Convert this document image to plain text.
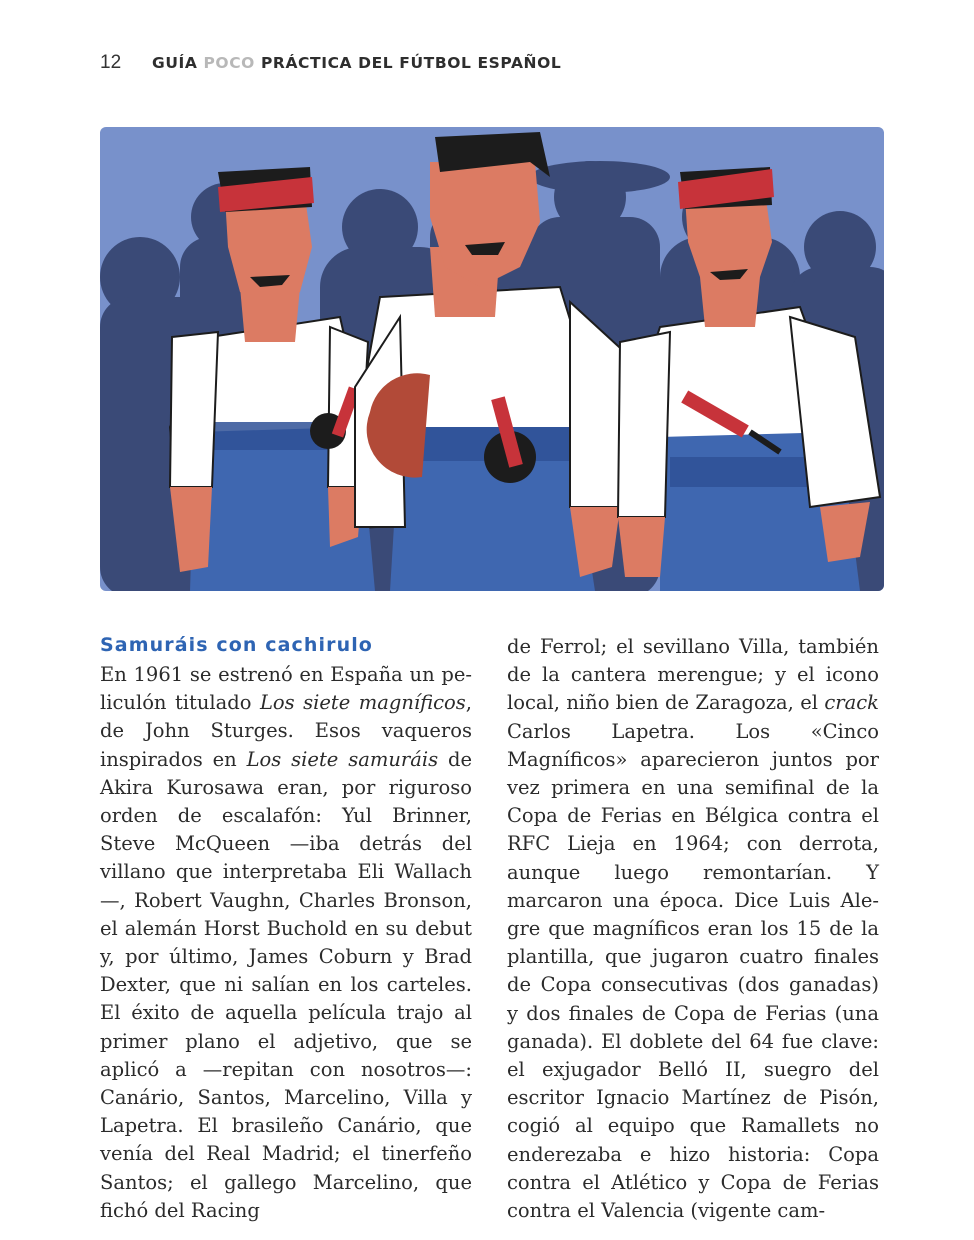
12	GUÍA POCO PRÁCTICA DEL FÚTBOL ESPAÑOL
Samuráis con cachirulo

En 1961 se estrenó en España un peliculón titulado Los siete magníficos, de John Sturges. Esos vaqueros inspirados en Los siete samuráis de Akira Kurosawa eran, por riguroso orden de escalafón: Yul Brinner, Steve McQueen —iba detrás del villano que interpretaba Eli Wallach—, Robert Vaughn, Charles Bronson, el alemán Horst Buchold en su debut y, por último, James Coburn y Brad Dexter, que ni salían en los carteles. El éxito de aquella película trajo al primer plano el adjetivo, que se aplicó a —repitan con nosotros—: Canário, Santos, Marcelino, Villa y Lapetra. El brasileño Canário, que venía del Real Madrid; el tinerfeño Santos; el gallego Marcelino, que fichó del Racing

de Ferrol; el sevillano Villa, también de la cantera merengue; y el icono local, niño bien de Zaragoza, el crack Carlos Lapetra. Los «Cinco Magníficos» aparecieron juntos por vez primera en una semifinal de la Copa de Ferias en Bélgica contra el RFC Lieja en 1964; con derrota, aunque luego remontarían. Y marcaron una época. Dice Luis Alegre que magníficos eran los 15 de la plantilla, que jugaron cuatro finales de Copa consecutivas (dos ganadas) y dos finales de Copa de Ferias (una ganada). El doblete del 64 fue clave: el exjugador Belló II, suegro del escritor Ignacio Martínez de Pisón, cogió al equipo que Ramallets no enderezaba e hizo historia: Copa contra el Atlético y Copa de Ferias contra el Valencia (vigente cam-
